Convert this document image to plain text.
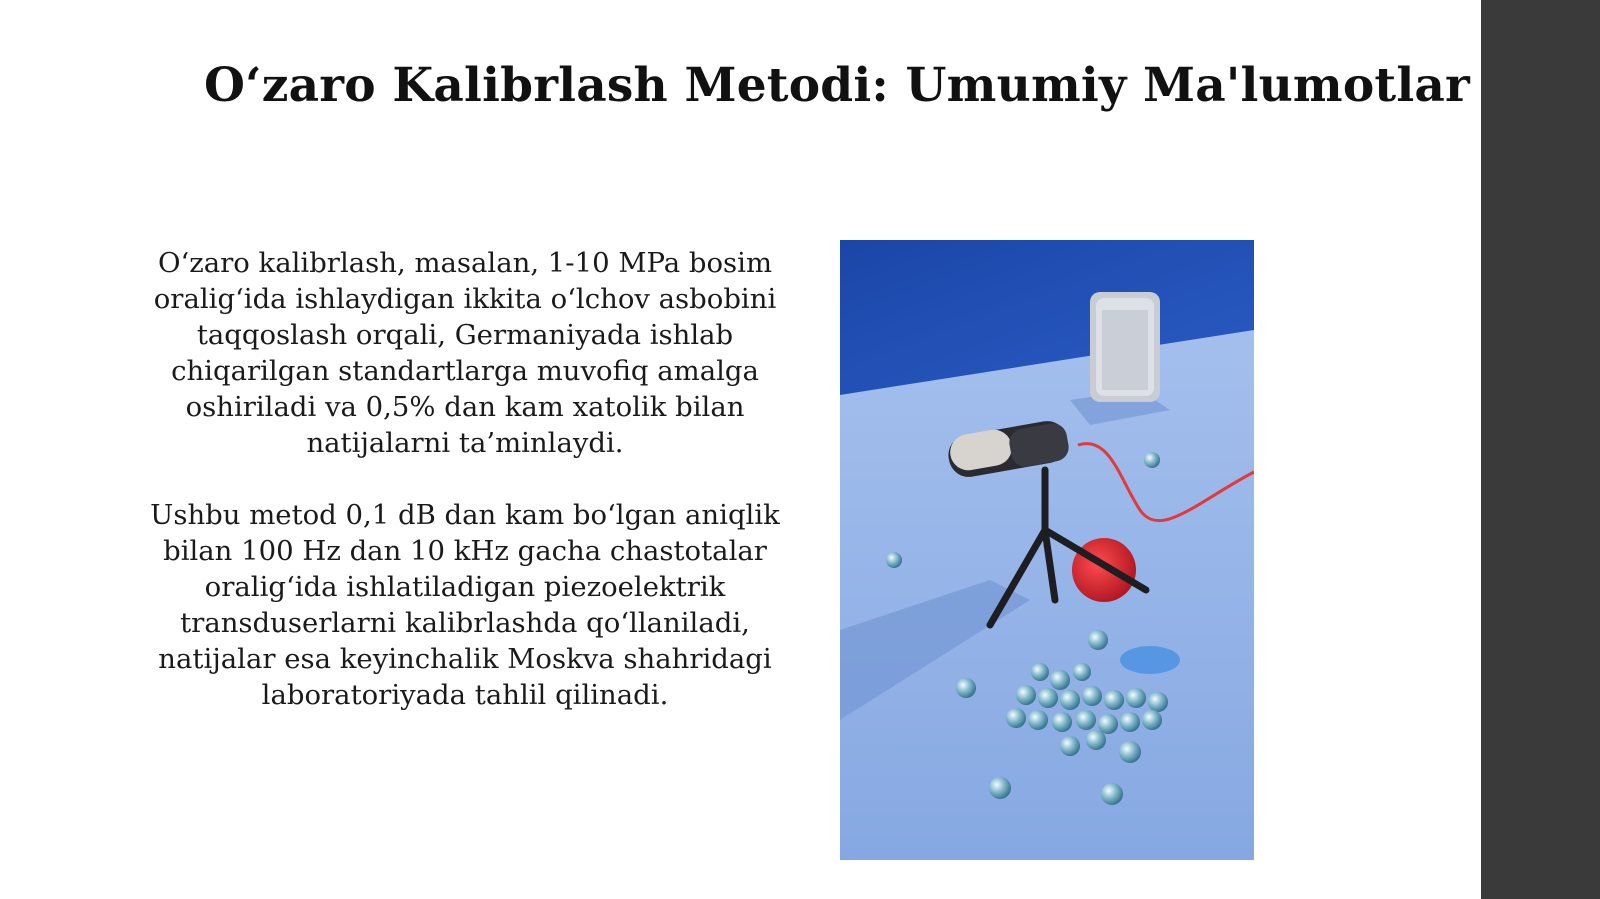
O‘zaro Kalibrlash Metodi: Umumiy Ma'lumotlar

O‘zaro kalibrlash, masalan, 1-10 MPa bosim
oralig‘ida ishlaydigan ikkita o‘lchov asbobini
taqqoslash orqali, Germaniyada ishlab
chiqarilgan standartlarga muvofiq amalga
oshiriladi va 0,5% dan kam xatolik bilan
natijalarni ta’minlaydi.

Ushbu metod 0,1 dB dan kam bo‘lgan aniqlik
bilan 100 Hz dan 10 kHz gacha chastotalar
oralig‘ida ishlatiladigan piezoelektrik
transduserlarni kalibrlashda qo‘llaniladi,
natijalar esa keyinchalik Moskva shahridagi
laboratoriyada tahlil qilinadi.
